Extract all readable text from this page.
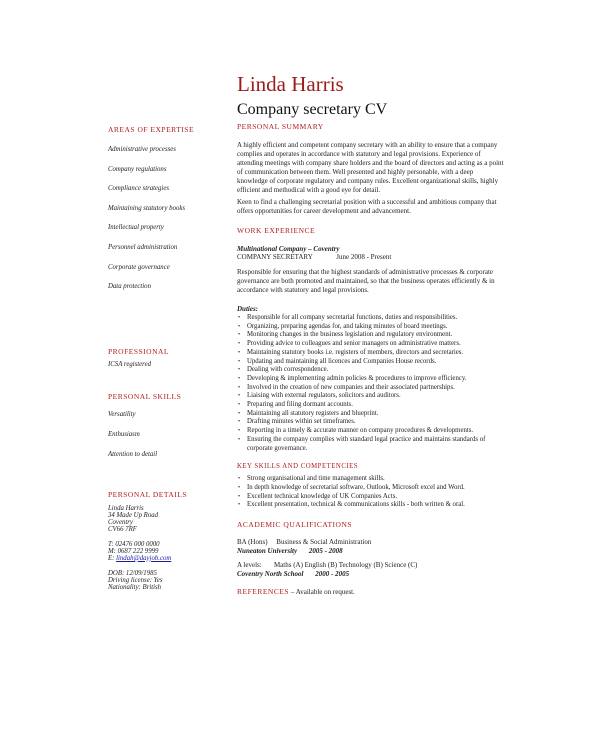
Linda Harris
Company secretary CV
AREAS OF EXPERTISE
Administrative processes
Company regulations
Compliance strategies
Maintaining statutory books
Intellectual property
Personnel administration
Corporate governance
Data protection
PROFESSIONAL
ICSA registered
PERSONAL SKILLS
Versatility
Enthusiasm
Attention to detail
PERSONAL DETAILS
Linda Harris
34 Made Up Road
Coventry
CV66 7RF
T: 02476 000 0000
M: 0687 222 9999
E: lindah@dayjob.com
DOB: 12/09/1985
Driving license: Yes
Nationality: British
PERSONAL SUMMARY
A highly efficient and competent company secretary with an ability to ensure that a company complies and operates in accordance with statutory and legal provisions. Experience of attending meetings with company share holders and the board of directors and acting as a point of communication between them. Well presented and highly personable, with a deep knowledge of corporate regulatory and company rules. Excellent organizational skills, highly efficient and methodical with a good eye for detail.
Keen to find a challenging secretarial position with a successful and ambitious company that offers opportunities for career development and advancement.
WORK EXPERIENCE
Multinational Company – Coventry
COMPANY SECRETARY	June 2008 - Present
Responsible for ensuring that the highest standards of administrative processes & corporate governance are both promoted and maintained, so that the business operates efficiently & in accordance with statutory and legal provisions.
Duties:
• Responsible for all company secretarial functions, duties and responsibilities.
• Organizing, preparing agendas for, and taking minutes of board meetings.
• Monitoring changes in the business legislation and regulatory environment.
• Providing advice to colleagues and senior managers on administrative matters.
• Maintaining statutory books i.e. registers of members, directors and secretaries.
• Updating and maintaining all licences and Companies House records.
• Dealing with correspondence.
• Developing & implementing admin policies & procedures to improve efficiency.
• Involved in the creation of new companies and their associated partnerships.
• Liaising with external regulators, solicitors and auditors.
• Preparing and filing dormant accounts.
• Maintaining all statutory registers and blueprint.
• Drafting minutes within set timeframes.
• Reporting in a timely & accurate manner on company procedures & developments.
• Ensuring the company complies with standard legal practice and maintains standards of corporate governance.
KEY SKILLS AND COMPETENCIES
• Strong organisational and time management skills.
• In depth knowledge of secretarial software, Outlook, Microsoft excel and Word.
• Excellent technical knowledge of UK Companies Acts.
• Excellent presentation, technical & communications skills - both written & oral.
ACADEMIC QUALIFICATIONS
BA (Hons)     Business & Social Administration
Nuneaton University 2005 - 2008
A levels:       Maths (A) English (B) Technology (B) Science (C)
Coventry North School 2000 - 2005
REFERENCES – Available on request.
